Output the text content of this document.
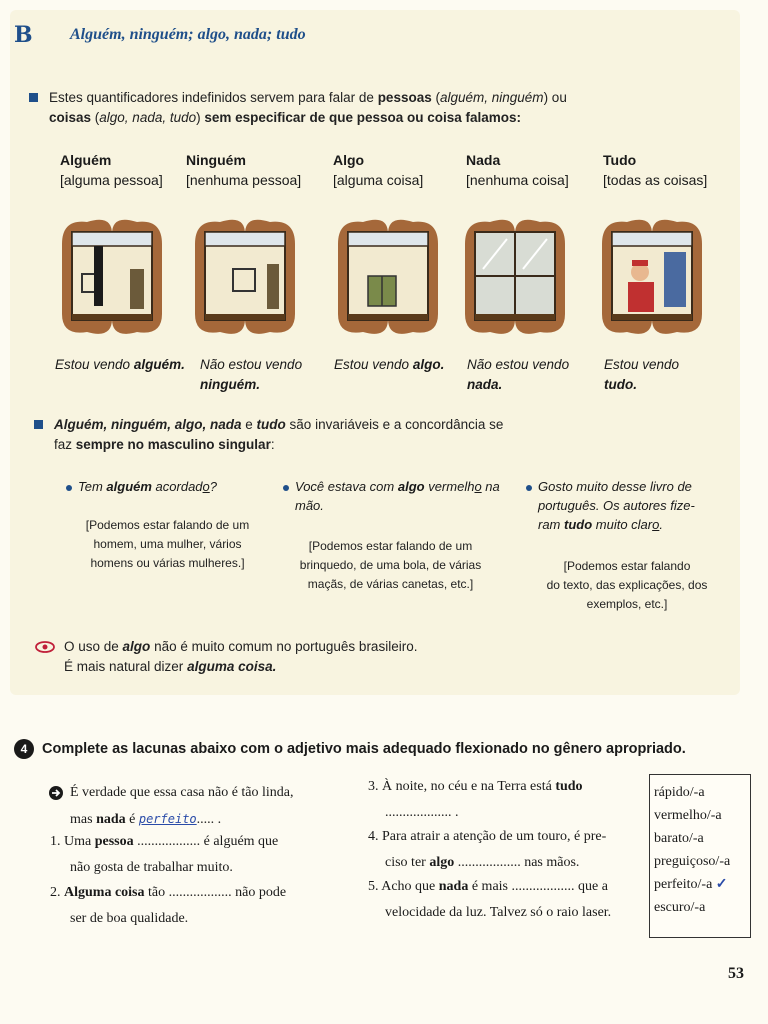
B Alguém, ninguém; algo, nada; tudo
Estes quantificadores indefinidos servem para falar de pessoas (alguém, ninguém) ou
coisas (algo, nada, tudo) sem especificar de que pessoa ou coisa falamos:
Alguém
[alguma pessoa]
Ninguém
[nenhuma pessoa]
Algo
[alguma coisa]
Nada
[nenhuma coisa]
Tudo
[todas as coisas]
Estou vendo alguém. Não estou vendo
ninguém.
Estou vendo algo. Não estou vendo
nada.
Estou vendo
tudo.
Alguém, ninguém, algo, nada e tudo são invariáveis e a concordância se
faz sempre no masculino singular:
Tem alguém acordado?
[Podemos estar falando de um
homem, uma mulher, vários
homens ou várias mulheres.]
Você estava com algo vermelho na
mão.
[Podemos estar falando de um
brinquedo, de uma bola, de várias
maçãs, de várias canetas, etc.]
Gosto muito desse livro de
português. Os autores fize-
ram tudo muito claro.
[Podemos estar falando
do texto, das explicações, dos
exemplos, etc.]
O uso de algo não é muito comum no português brasileiro.
É mais natural dizer alguma coisa.
4	Complete as lacunas abaixo com o adjetivo mais adequado flexionado no gênero apropriado.
É verdade que essa casa não é tão linda,
mas nada é perfeito..... .
1. Uma pessoa .................. é alguém que
não gosta de trabalhar muito.
2. Alguma coisa tão .................. não pode
ser de boa qualidade.
3. À noite, no céu e na Terra está tudo
................... .
4. Para atrair a atenção de um touro, é pre-
ciso ter algo .................. nas mãos.
5. Acho que nada é mais .................. que a
velocidade da luz. Talvez só o raio laser.
rápido/-a
vermelho/-a
barato/-a
preguiçoso/-a
perfeito/-a ✓
escuro/-a
53
